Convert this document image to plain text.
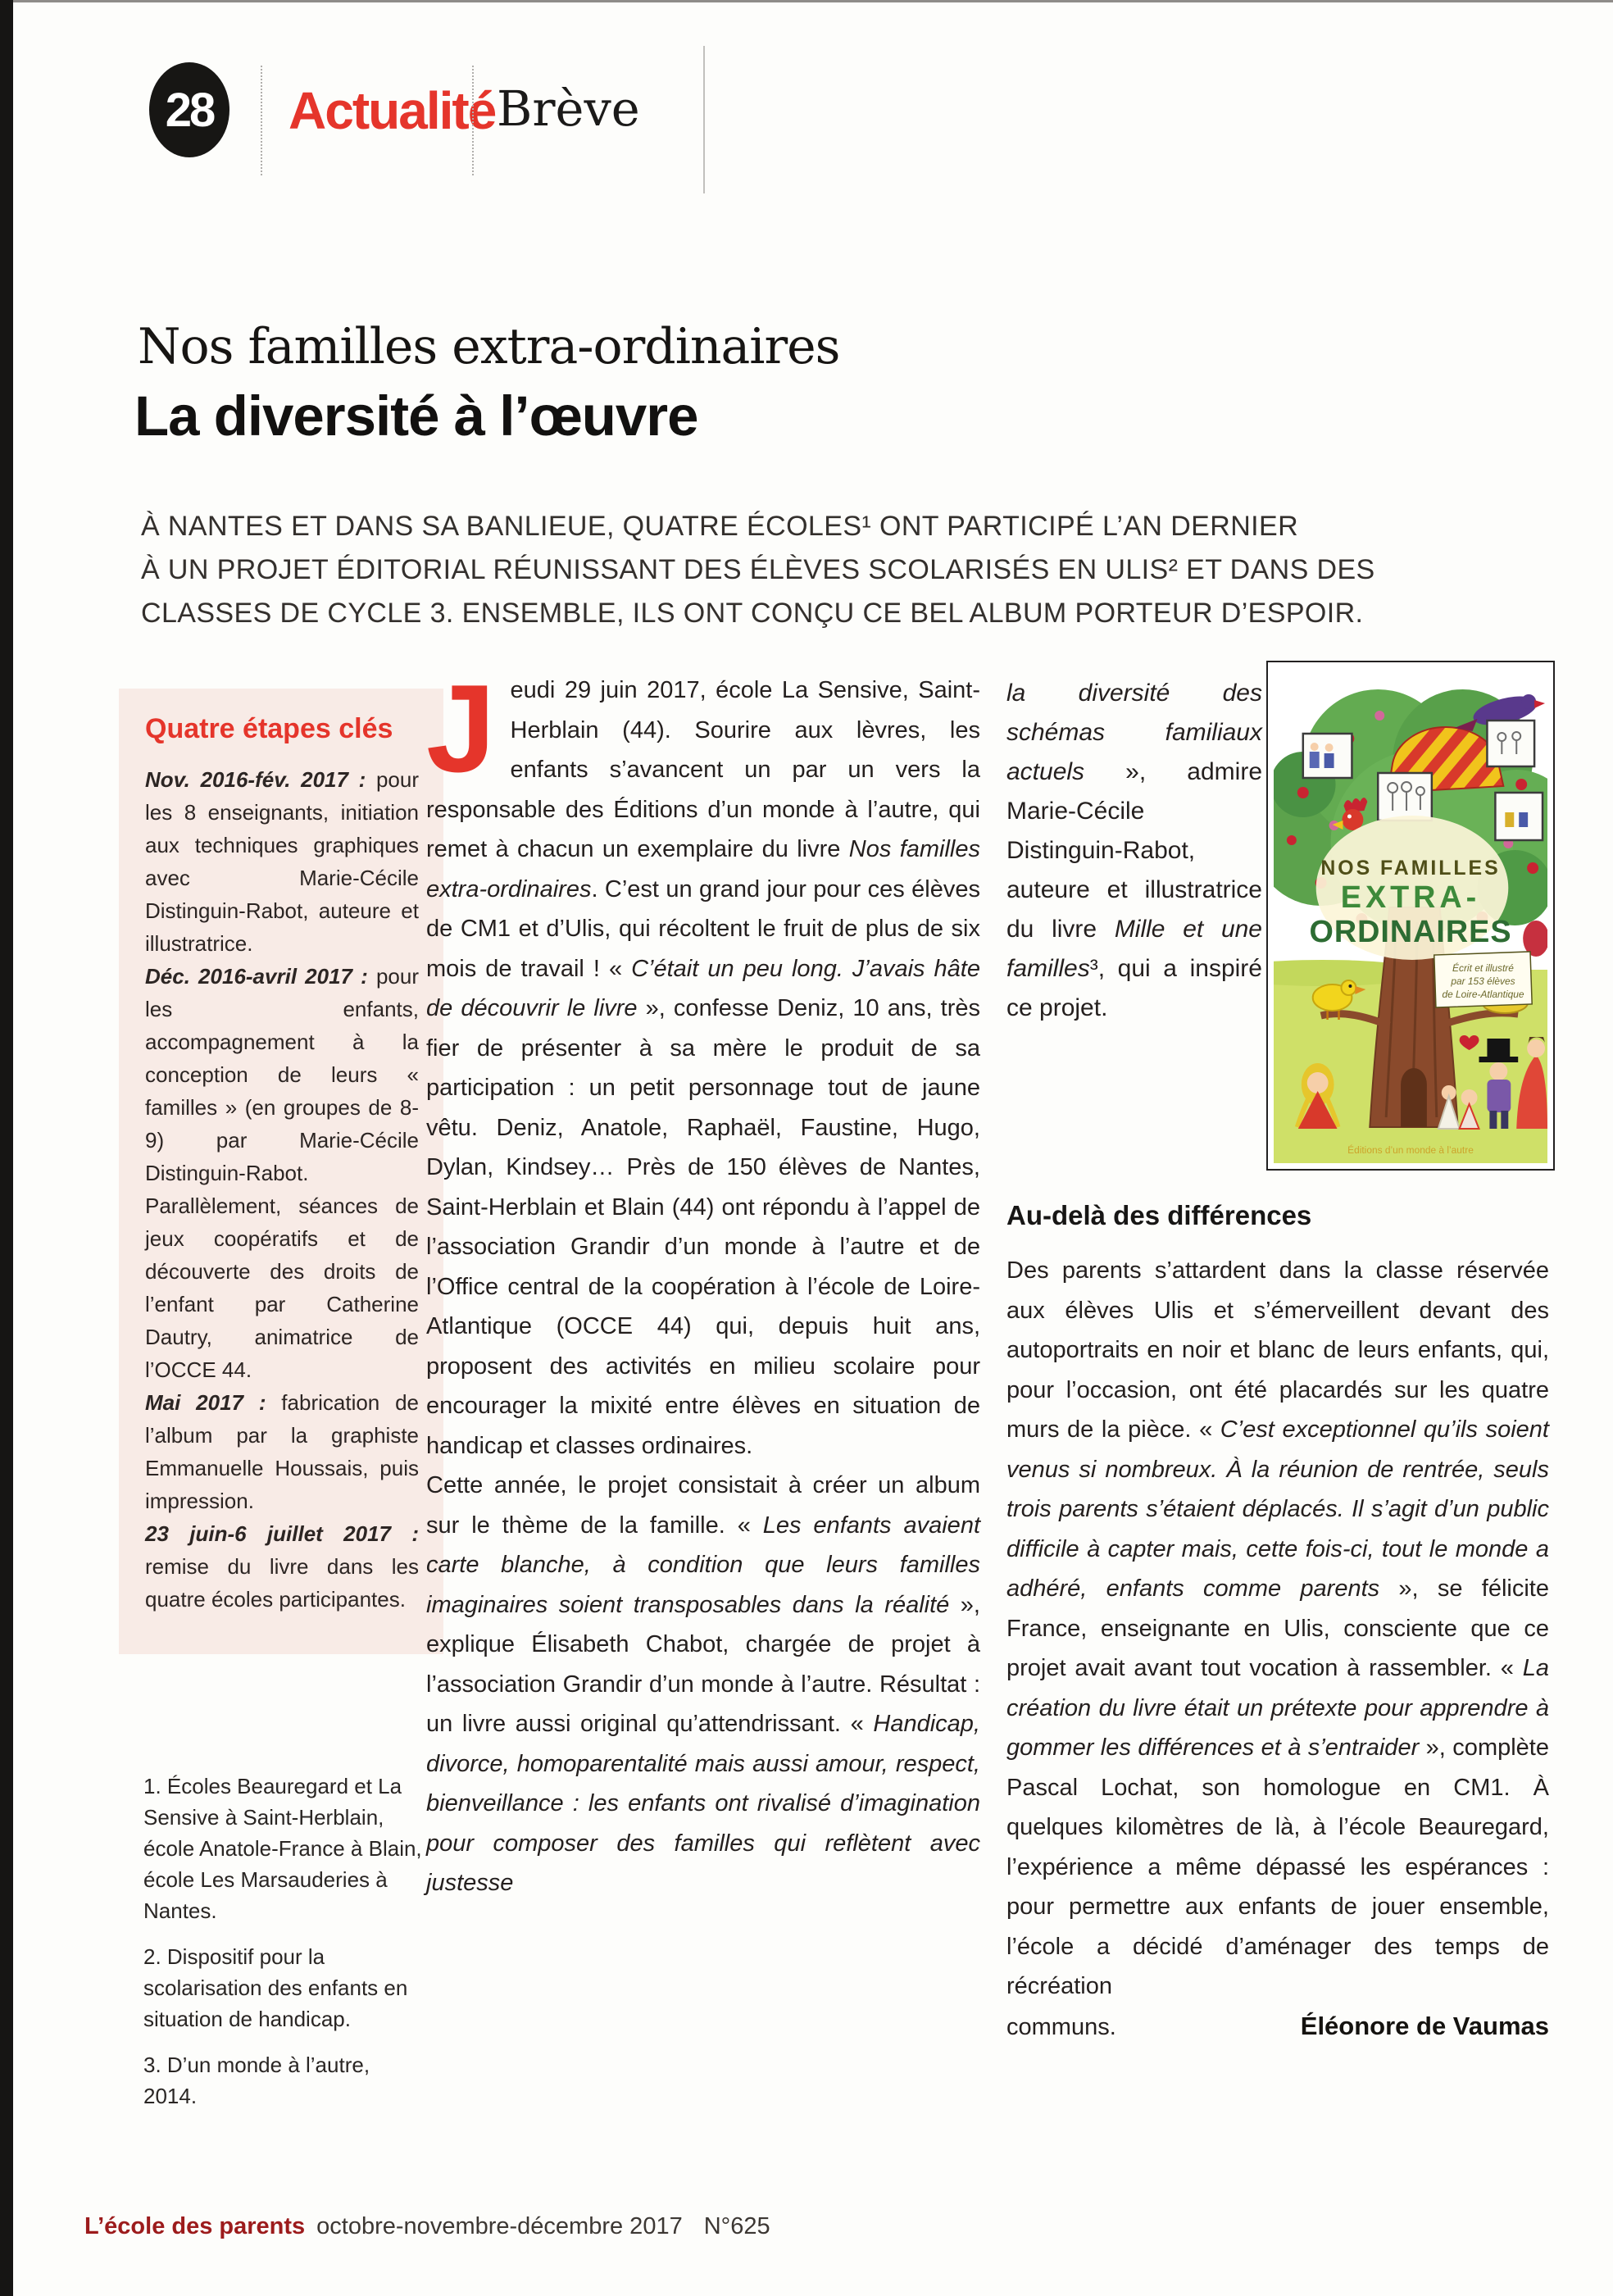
28 Actualité Brève
Nos familles extra-ordinaires
La diversité à l’œuvre
À NANTES ET DANS SA BANLIEUE, QUATRE ÉCOLES¹ ONT PARTICIPÉ L’AN DERNIER
À UN PROJET ÉDITORIAL RÉUNISSANT DES ÉLÈVES SCOLARISÉS EN ULIS² ET DANS DES
CLASSES DE CYCLE 3. ENSEMBLE, ILS ONT CONÇU CE BEL ALBUM PORTEUR D’ESPOIR.

Quatre étapes clés

Nov. 2016-fév. 2017 : pour les 8 enseignants, initiation aux techniques graphiques avec Marie-Cécile Distinguin-Rabot, auteure et illustratrice.

Déc. 2016-avril 2017 : pour les enfants, accompagnement à la conception de leurs « familles » (en groupes de 8-9) par Marie-Cécile Distinguin-Rabot. Parallèlement, séances de jeux coopératifs et de découverte des droits de l’enfant par Catherine Dautry, animatrice de l’OCCE 44.

Mai 2017 : fabrication de l’album par la graphiste Emmanuelle Houssais, puis impression.

23 juin-6 juillet 2017 : remise du livre dans les quatre écoles participantes.

1. Écoles Beauregard et La Sensive à Saint-Herblain, école Anatole-France à Blain, école Les Marsauderies à Nantes.

2. Dispositif pour la scolarisation des enfants en situation de handicap.

3. D’un monde à l’autre, 2014.

Jeudi 29 juin 2017, école La Sensive, Saint-Herblain (44). Sourire aux lèvres, les enfants s’avancent un par un vers la responsable des Éditions d’un monde à l’autre, qui remet à chacun un exemplaire du livre Nos familles extra-ordinaires. C’est un grand jour pour ces élèves de CM1 et d’Ulis, qui récoltent le fruit de plus de six mois de travail ! « C’était un peu long. J’avais hâte de découvrir le livre », confesse Deniz, 10 ans, très fier de présenter à sa mère le produit de sa participation : un petit personnage tout de jaune vêtu. Deniz, Anatole, Raphaël, Faustine, Hugo, Dylan, Kindsey… Près de 150 élèves de Nantes, Saint-Herblain et Blain (44) ont répondu à l’appel de l’association Grandir d’un monde à l’autre et de l’Office central de la coopération à l’école de Loire-Atlantique (OCCE 44) qui, depuis huit ans, proposent des activités en milieu scolaire pour encourager la mixité entre élèves en situation de handicap et classes ordinaires.

Cette année, le projet consistait à créer un album sur le thème de la famille. « Les enfants avaient carte blanche, à condition que leurs familles imaginaires soient transposables dans la réalité », explique Élisabeth Chabot, chargée de projet à l’association Grandir d’un monde à l’autre. Résultat : un livre aussi original qu’attendrissant. « Handicap, divorce, homoparentalité mais aussi amour, respect, bienveillance : les enfants ont rivalisé d’imagination pour composer des familles qui reflètent avec justesse

la diversité des schémas familiaux actuels », admire Marie-Cécile Distinguin-Rabot, auteure et illustratrice du livre Mille et une familles³, qui a inspiré ce projet.
NOS FAMILLES
EXTRA-
ORDINAIRES
Écrit et illustré
par 153 élèves
de Loire-Atlantique
Éditions d’un monde à l’autre
Au-delà des différences

Des parents s’attardent dans la classe réservée aux élèves Ulis et s’émerveillent devant des autoportraits en noir et blanc de leurs enfants, qui, pour l’occasion, ont été placardés sur les quatre murs de la pièce. « C’est exceptionnel qu’ils soient venus si nombreux. À la réunion de rentrée, seuls trois parents s’étaient déplacés. Il s’agit d’un public difficile à capter mais, cette fois-ci, tout le monde a adhéré, enfants comme parents », se félicite France, enseignante en Ulis, consciente que ce projet avait avant tout vocation à rassembler. « La création du livre était un prétexte pour apprendre à gommer les différences et à s’entraider », complète Pascal Lochat, son homologue en CM1. À quelques kilomètres de là, à l’école Beauregard, l’expérience a même dépassé les espérances : pour permettre aux enfants de jouer ensemble, l’école a décidé d’aménager des temps de récréation

communs.	Éléonore de Vaumas
L’école des parents octobre-novembre-décembre 2017 N°625
